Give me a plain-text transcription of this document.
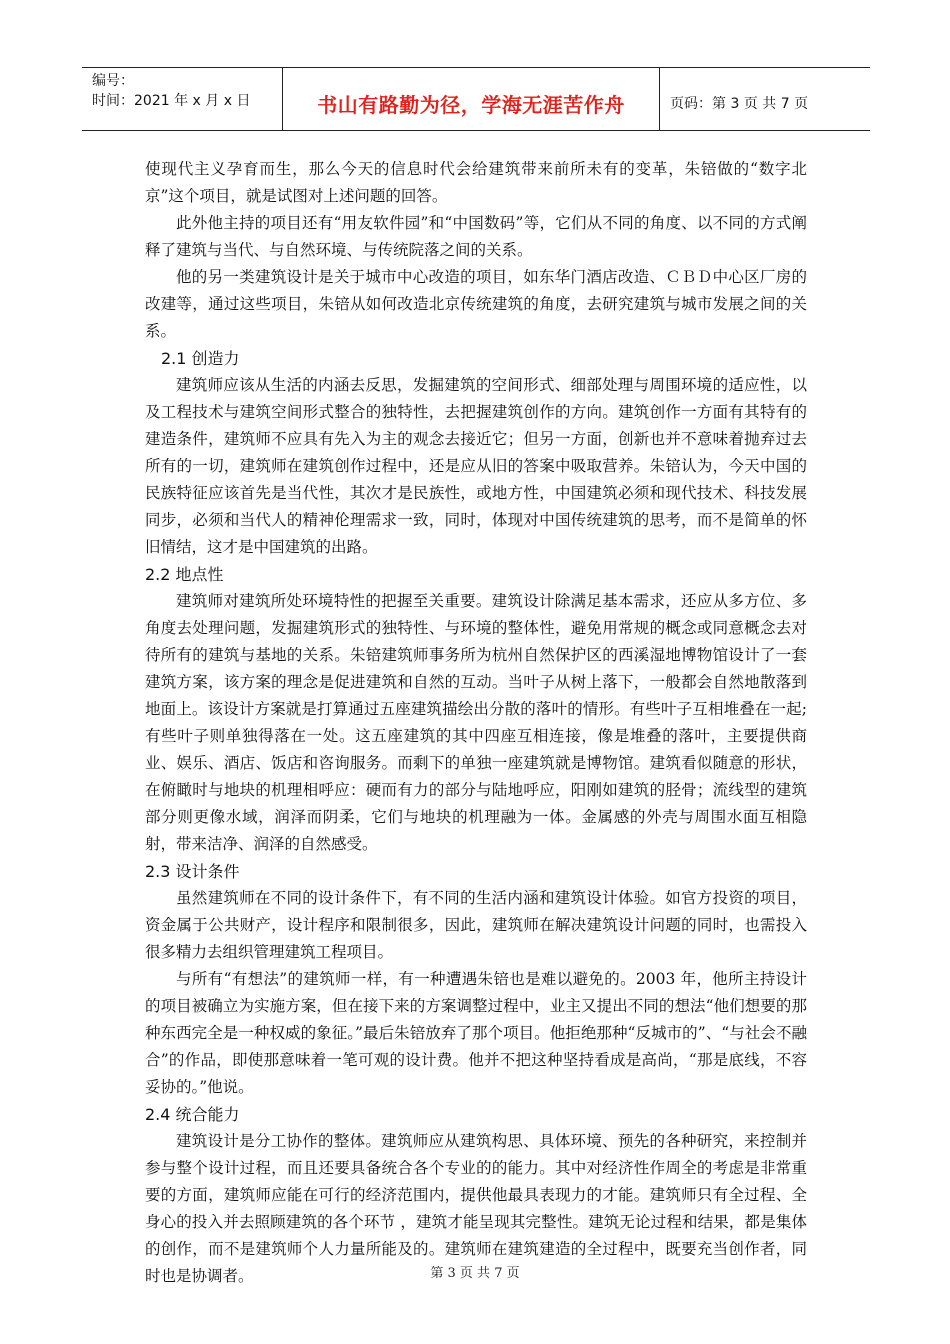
编号：
时间：2021 年 x 月 x 日	书山有路勤为径，学海无涯苦作舟	页码：第 3 页 共 7 页

使现代主义孕育而生，那么今天的信息时代会给建筑带来前所未有的变革，朱锫做的“数字北京”这个项目，就是试图对上述问题的回答。

此外他主持的项目还有“用友软件园”和“中国数码”等，它们从不同的角度、以不同的方式阐释了建筑与当代、与自然环境、与传统院落之间的关系。

他的另一类建筑设计是关于城市中心改造的项目，如东华门酒店改造、ＣＢＤ中心区厂房的改建等，通过这些项目，朱锫从如何改造北京传统建筑的角度，去研究建筑与城市发展之间的关系。

2.1 创造力

建筑师应该从生活的内涵去反思，发掘建筑的空间形式、细部处理与周围环境的适应性，以及工程技术与建筑空间形式整合的独特性，去把握建筑创作的方向。建筑创作一方面有其特有的建造条件，建筑师不应具有先入为主的观念去接近它；但另一方面，创新也并不意味着抛弃过去所有的一切，建筑师在建筑创作过程中，还是应从旧的答案中吸取营养。朱锫认为，今天中国的民族特征应该首先是当代性，其次才是民族性，或地方性，中国建筑必须和现代技术、科技发展同步，必须和当代人的精神伦理需求一致，同时，体现对中国传统建筑的思考，而不是简单的怀旧情结，这才是中国建筑的出路。

2.2 地点性

建筑师对建筑所处环境特性的把握至关重要。建筑设计除满足基本需求，还应从多方位、多角度去处理问题，发掘建筑形式的独特性、与环境的整体性，避免用常规的概念或同意概念去对待所有的建筑与基地的关系。朱锫建筑师事务所为杭州自然保护区的西溪湿地博物馆设计了一套建筑方案，该方案的理念是促进建筑和自然的互动。当叶子从树上落下，一般都会自然地散落到地面上。该设计方案就是打算通过五座建筑描绘出分散的落叶的情形。有些叶子互相堆叠在一起;有些叶子则单独得落在一处。这五座建筑的其中四座互相连接，像是堆叠的落叶，主要提供商业、娱乐、酒店、饭店和咨询服务。而剩下的单独一座建筑就是博物馆。建筑看似随意的形状，在俯瞰时与地块的机理相呼应：硬而有力的部分与陆地呼应，阳刚如建筑的胫骨；流线型的建筑部分则更像水域，润泽而阴柔，它们与地块的机理融为一体。金属感的外壳与周围水面互相隐射，带来洁净、润泽的自然感受。

2.3 设计条件

虽然建筑师在不同的设计条件下，有不同的生活内涵和建筑设计体验。如官方投资的项目，资金属于公共财产，设计程序和限制很多，因此，建筑师在解决建筑设计问题的同时，也需投入很多精力去组织管理建筑工程项目。

与所有“有想法”的建筑师一样，有一种遭遇朱锫也是难以避免的。2003 年，他所主持设计的项目被确立为实施方案，但在接下来的方案调整过程中，业主又提出不同的想法“他们想要的那种东西完全是一种权威的象征。”最后朱锫放弃了那个项目。他拒绝那种“反城市的”、“与社会不融合”的作品，即使那意味着一笔可观的设计费。他并不把这种坚持看成是高尚，“那是底线，不容妥协的。”他说。

2.4 统合能力

建筑设计是分工协作的整体。建筑师应从建筑构思、具体环境、预先的各种研究，来控制并参与整个设计过程，而且还要具备统合各个专业的的能力。其中对经济性作周全的考虑是非常重要的方面，建筑师应能在可行的经济范围内，提供他最具表现力的才能。建筑师只有全过程、全身心的投入并去照顾建筑的各个环节 ，建筑才能呈现其完整性。建筑无论过程和结果，都是集体的创作，而不是建筑师个人力量所能及的。建筑师在建筑建造的全过程中，既要充当创作者，同时也是协调者。	第 3 页 共 7 页
